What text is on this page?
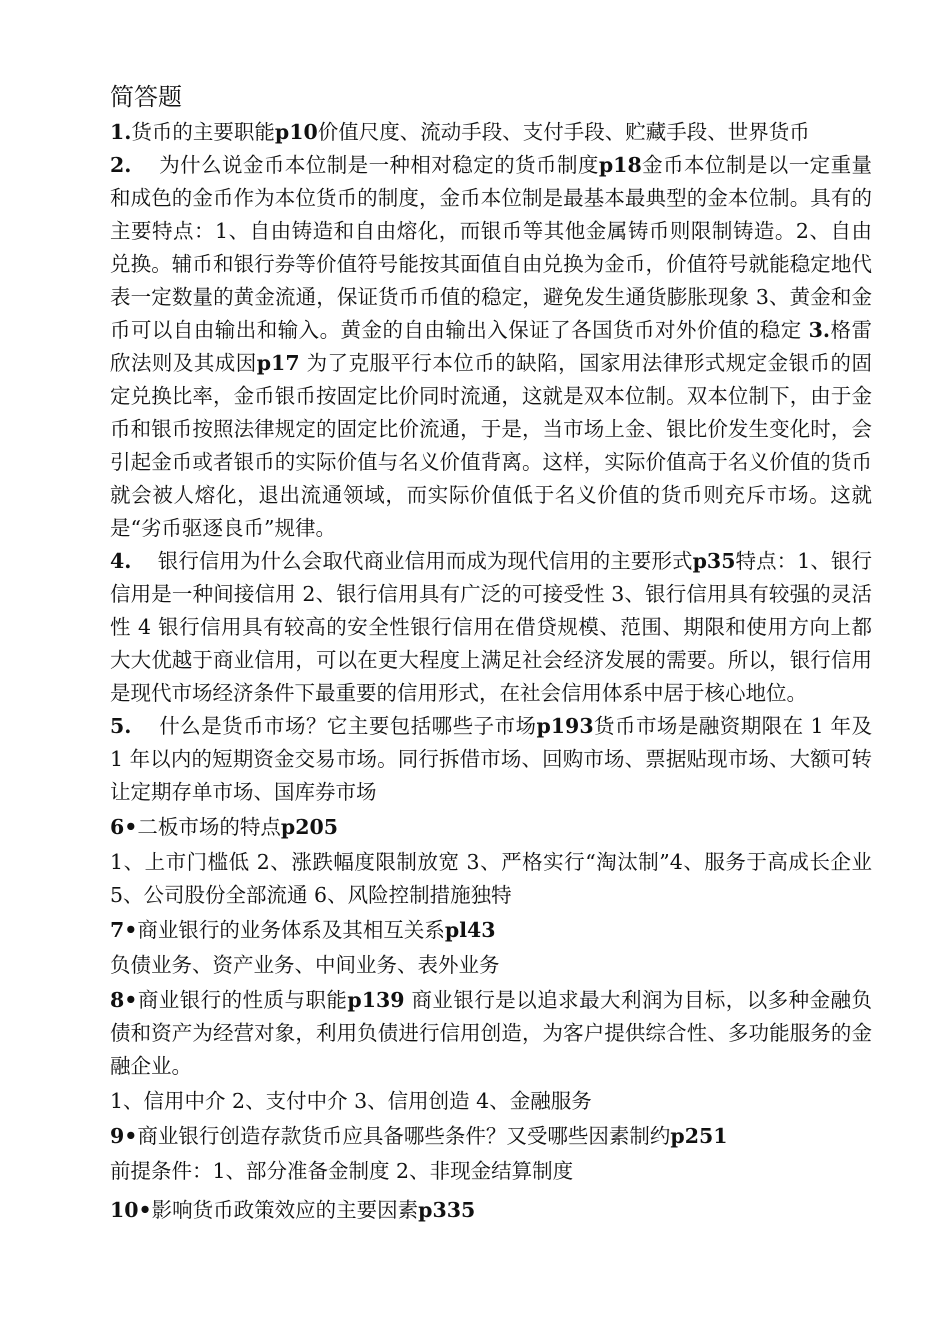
简答题

1.货币的主要职能p10价值尺度、流动手段、支付手段、贮藏手段、世界货币

2. 为什么说金币本位制是一种相对稳定的货币制度p18金币本位制是以一定重量和成色的金币作为本位货币的制度，金币本位制是最基本最典型的金本位制。具有的主要特点：1、自由铸造和自由熔化，而银币等其他金属铸币则限制铸造。2、自由兑换。辅币和银行券等价值符号能按其面值自由兑换为金币，价值符号就能稳定地代表一定数量的黄金流通，保证货币币值的稳定，避免发生通货膨胀现象 3、黄金和金币可以自由输出和输入。黄金的自由输出入保证了各国货币对外价值的稳定 3.格雷欣法则及其成因p17 为了克服平行本位币的缺陷，国家用法律形式规定金银币的固定兑换比率，金币银币按固定比价同时流通，这就是双本位制。双本位制下，由于金币和银币按照法律规定的固定比价流通，于是，当市场上金、银比价发生变化时，会引起金币或者银币的实际价值与名义价值背离。这样，实际价值高于名义价值的货币就会被人熔化，退出流通领域，而实际价值低于名义价值的货币则充斥市场。这就是“劣币驱逐良币”规律。

4. 银行信用为什么会取代商业信用而成为现代信用的主要形式p35特点：1、银行信用是一种间接信用 2、银行信用具有广泛的可接受性 3、银行信用具有较强的灵活性 4 银行信用具有较高的安全性银行信用在借贷规模、范围、期限和使用方向上都大大优越于商业信用，可以在更大程度上满足社会经济发展的需要。所以，银行信用是现代市场经济条件下最重要的信用形式，在社会信用体系中居于核心地位。

5. 什么是货币市场？它主要包括哪些子市场p193货币市场是融资期限在 1 年及 1 年以内的短期资金交易市场。同行拆借市场、回购市场、票据贴现市场、大额可转让定期存单市场、国库券市场

6•二板市场的特点p205

1、上市门槛低 2、涨跌幅度限制放宽 3、严格实行“淘汰制”4、服务于高成长企业 5、公司股份全部流通 6、风险控制措施独特

7•商业银行的业务体系及其相互关系pl43

负债业务、资产业务、中间业务、表外业务

8•商业银行的性质与职能p139 商业银行是以追求最大利润为目标，以多种金融负债和资产为经营对象，利用负债进行信用创造，为客户提供综合性、多功能服务的金融企业。

1、信用中介 2、支付中介 3、信用创造 4、金融服务

9•商业银行创造存款货币应具备哪些条件？又受哪些因素制约p251

前提条件：1、部分准备金制度 2、非现金结算制度

10•影响货币政策效应的主要因素p335
